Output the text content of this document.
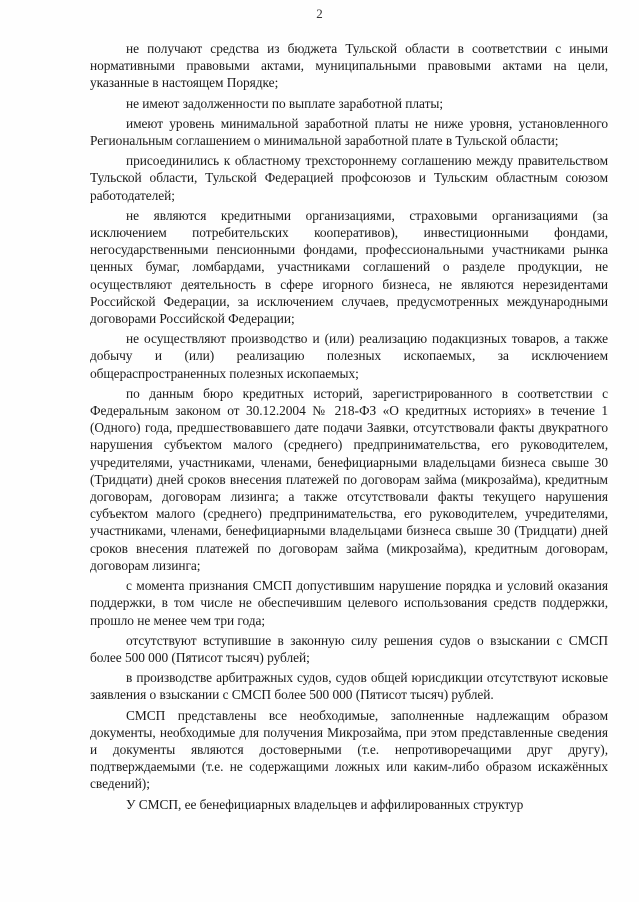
2

не получают средства из бюджета Тульской области в соответствии с иными нормативными правовыми актами, муниципальными правовыми актами на цели, указанные в настоящем Порядке;

не имеют задолженности по выплате заработной платы;

имеют уровень минимальной заработной платы не ниже уровня, установленного Региональным соглашением о минимальной заработной плате в Тульской области;

присоединились к областному трехстороннему соглашению между правительством Тульской области, Тульской Федерацией профсоюзов и Тульским областным союзом работодателей;

не являются кредитными организациями, страховыми организациями (за исключением потребительских кооперативов), инвестиционными фондами, негосударственными пенсионными фондами, профессиональными участниками рынка ценных бумаг, ломбардами, участниками соглашений о разделе продукции, не осуществляют деятельность в сфере игорного бизнеса, не являются нерезидентами Российской Федерации, за исключением случаев, предусмотренных международными договорами Российской Федерации;

не осуществляют производство и (или) реализацию подакцизных товаров, а также добычу и (или) реализацию полезных ископаемых, за исключением общераспространенных полезных ископаемых;

по данным бюро кредитных историй, зарегистрированного в соответствии с Федеральным законом от 30.12.2004 № 218-ФЗ «О кредитных историях» в течение 1 (Одного) года, предшествовавшего дате подачи Заявки, отсутствовали факты двукратного нарушения субъектом малого (среднего) предпринимательства, его руководителем, учредителями, участниками, членами, бенефициарными владельцами бизнеса свыше 30 (Тридцати) дней сроков внесения платежей по договорам займа (микрозайма), кредитным договорам, договорам лизинга; а также отсутствовали факты текущего нарушения субъектом малого (среднего) предпринимательства, его руководителем, учредителями, участниками, членами, бенефициарными владельцами бизнеса свыше 30 (Тридцати) дней сроков внесения платежей по договорам займа (микрозайма), кредитным договорам, договорам лизинга;

с момента признания СМСП допустившим нарушение порядка и условий оказания поддержки, в том числе не обеспечившим целевого использования средств поддержки, прошло не менее чем три года;

отсутствуют вступившие в законную силу решения судов о взыскании с СМСП более 500 000 (Пятисот тысяч) рублей;

в производстве арбитражных судов, судов общей юрисдикции отсутствуют исковые заявления о взыскании с СМСП более 500 000 (Пятисот тысяч) рублей.

СМСП представлены все необходимые, заполненные надлежащим образом документы, необходимые для получения Микрозайма, при этом представленные сведения и документы являются достоверными (т.е. непротиворечащими друг другу), подтверждаемыми (т.е. не содержащими ложных или каким-либо образом искажённых сведений);

У СМСП, ее бенефициарных владельцев и аффилированных структур
